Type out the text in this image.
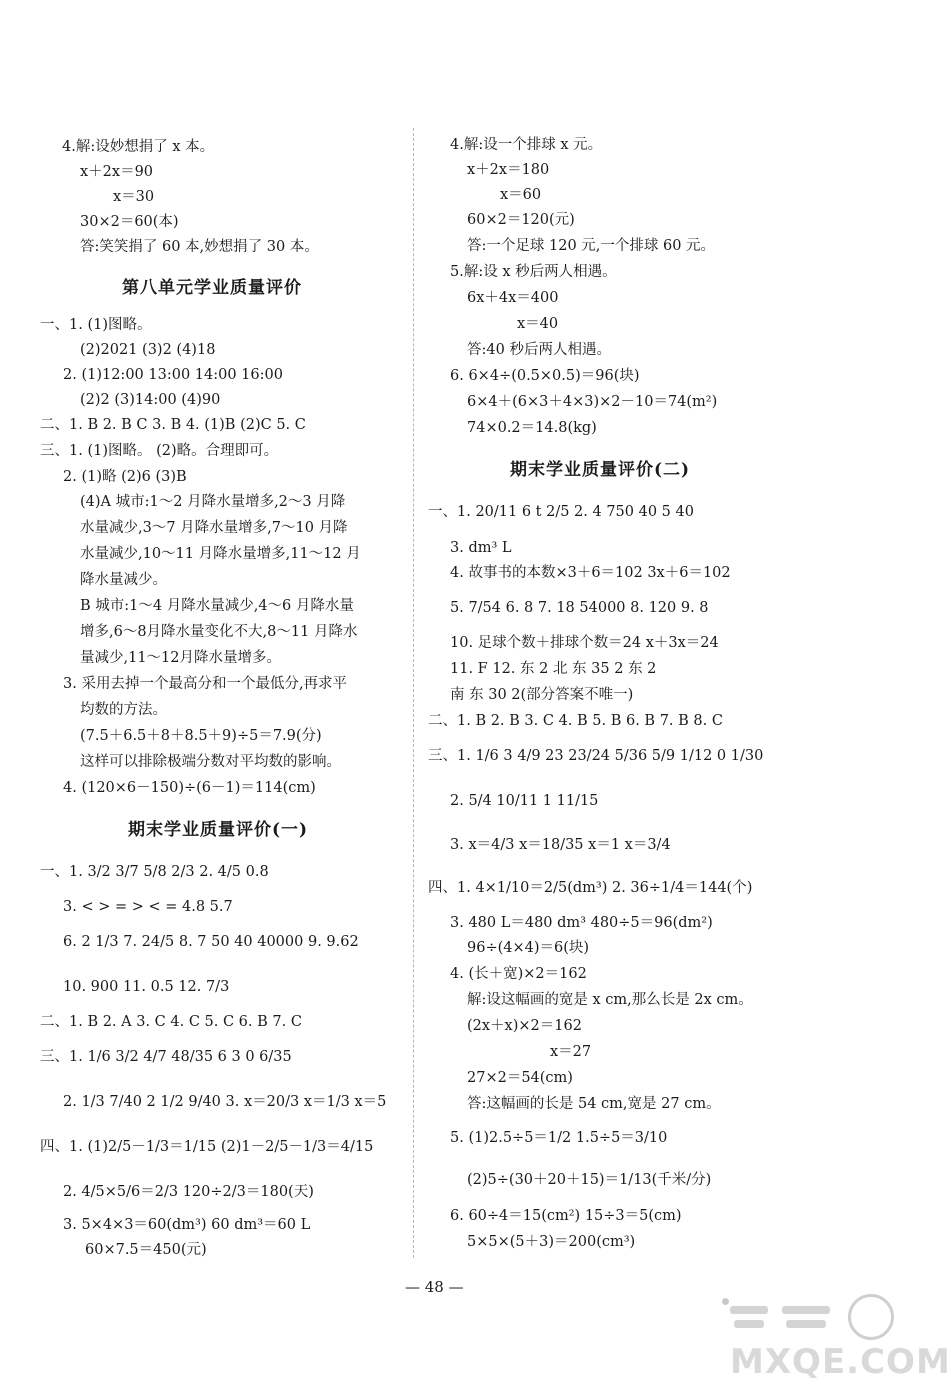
4.解:设妙想捐了 x 本。
x＋2x＝90
x＝30
30×2＝60(本)
答:笑笑捐了 60 本,妙想捐了 30 本。
第八单元学业质量评价
一、1. (1)图略。
(2)2021 (3)2 (4)18
2. (1)12:00 13:00 14:00 16:00
(2)2 (3)14:00 (4)90
二、1. B 2. B C 3. B 4. (1)B (2)C 5. C
三、1. (1)图略。 (2)略。合理即可。
2. (1)略 (2)6 (3)B
(4)A 城市:1～2 月降水量增多,2～3 月降
水量减少,3～7 月降水量增多,7～10 月降
水量减少,10～11 月降水量增多,11～12 月
降水量减少。
B 城市:1～4 月降水量减少,4～6 月降水量
增多,6～8月降水量变化不大,8～11 月降水
量减少,11～12月降水量增多。
3. 采用去掉一个最高分和一个最低分,再求平
均数的方法。
(7.5＋6.5＋8＋8.5＋9)÷5＝7.9(分)
这样可以排除极端分数对平均数的影响。
4. (120×6－150)÷(6－1)＝114(cm)
期末学业质量评价(一)
一、1. 3/2 3/7 5/8 2/3 2. 4/5 0.8
3. < > = > < = 4.8 5.7
6. 2 1/3 7. 24/5 8. 7 50 40 40000 9. 9.62
10. 900 11. 0.5 12. 7/3
二、1. B 2. A 3. C 4. C 5. C 6. B 7. C
三、1. 1/6 3/2 4/7 48/35 6 3 0 6/35
2. 1/3 7/40 2 1/2 9/40 3. x＝20/3 x＝1/3 x＝5
四、1. (1)2/5－1/3＝1/15 (2)1－2/5－1/3＝4/15
2. 4/5×5/6＝2/3 120÷2/3＝180(天)
3. 5×4×3＝60(dm³) 60 dm³＝60 L
60×7.5＝450(元)
4.解:设一个排球 x 元。
x＋2x＝180
x＝60
60×2＝120(元)
答:一个足球 120 元,一个排球 60 元。
5.解:设 x 秒后两人相遇。
6x＋4x＝400
x＝40
答:40 秒后两人相遇。
6. 6×4÷(0.5×0.5)＝96(块)
6×4＋(6×3＋4×3)×2－10＝74(m²)
74×0.2＝14.8(kg)
期末学业质量评价(二)
一、1. 20/11 6 t 2/5 2. 4 750 40 5 40
3. dm³ L
4. 故事书的本数×3＋6＝102 3x＋6＝102
5. 7/54 6. 8 7. 18 54000 8. 120 9. 8
10. 足球个数＋排球个数＝24 x＋3x＝24
11. F 12. 东 2 北 东 35 2 东 2
南 东 30 2(部分答案不唯一)
二、1. B 2. B 3. C 4. B 5. B 6. B 7. B 8. C
三、1. 1/6 3 4/9 23 23/24 5/36 5/9 1/12 0 1/30
2. 5/4 10/11 1 11/15
3. x＝4/3 x＝18/35 x＝1 x＝3/4
四、1. 4×1/10＝2/5(dm³) 2. 36÷1/4＝144(个)
3. 480 L＝480 dm³ 480÷5＝96(dm²)
96÷(4×4)＝6(块)
4. (长＋宽)×2＝162
解:设这幅画的宽是 x cm,那么长是 2x cm。
(2x＋x)×2＝162
x＝27
27×2＝54(cm)
答:这幅画的长是 54 cm,宽是 27 cm。
5. (1)2.5÷5＝1/2 1.5÷5＝3/10
(2)5÷(30＋20＋15)＝1/13(千米/分)
6. 60÷4＝15(cm²) 15÷3＝5(cm)
5×5×(5＋3)＝200(cm³)
— 48 —
MXQE.COM
